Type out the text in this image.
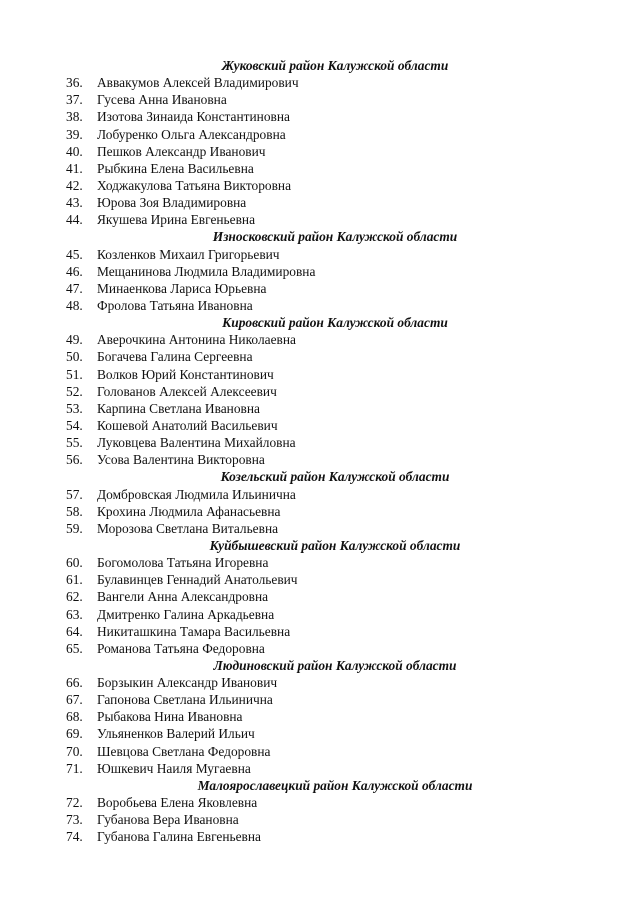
Жуковский район Калужской области
36. Аввакумов Алексей Владимирович
37. Гусева Анна Ивановна
38. Изотова Зинаида Константиновна
39. Лобуренко Ольга Александровна
40. Пешков Александр Иванович
41. Рыбкина Елена Васильевна
42. Ходжакулова Татьяна Викторовна
43. Юрова Зоя Владимировна
44. Якушева Ирина Евгеньевна
Износковский район Калужской области
45. Козленков Михаил Григорьевич
46. Мещанинова Людмила Владимировна
47. Минаенкова Лариса Юрьевна
48. Фролова Татьяна Ивановна
Кировский район Калужской области
49. Аверочкина Антонина Николаевна
50. Богачева Галина Сергеевна
51. Волков Юрий Константинович
52. Голованов Алексей Алексеевич
53. Карпина Светлана Ивановна
54. Кошевой Анатолий Васильевич
55. Луковцева Валентина Михайловна
56. Усова Валентина Викторовна
Козельский район Калужской области
57. Домбровская Людмила Ильинична
58. Крохина Людмила Афанасьевна
59. Морозова Светлана Витальевна
Куйбышевский район Калужской области
60. Богомолова Татьяна Игоревна
61. Булавинцев Геннадий Анатольевич
62. Вангели Анна Александровна
63. Дмитренко Галина Аркадьевна
64. Никиташкина Тамара Васильевна
65. Романова Татьяна Федоровна
Людиновский район Калужской области
66. Борзыкин Александр Иванович
67. Гапонова Светлана Ильинична
68. Рыбакова Нина Ивановна
69. Ульяненков Валерий Ильич
70. Шевцова Светлана Федоровна
71. Юшкевич Наиля Мугаевна
Малоярославецкий район Калужской области
72. Воробьева Елена Яковлевна
73. Губанова Вера Ивановна
74. Губанова Галина Евгеньевна
